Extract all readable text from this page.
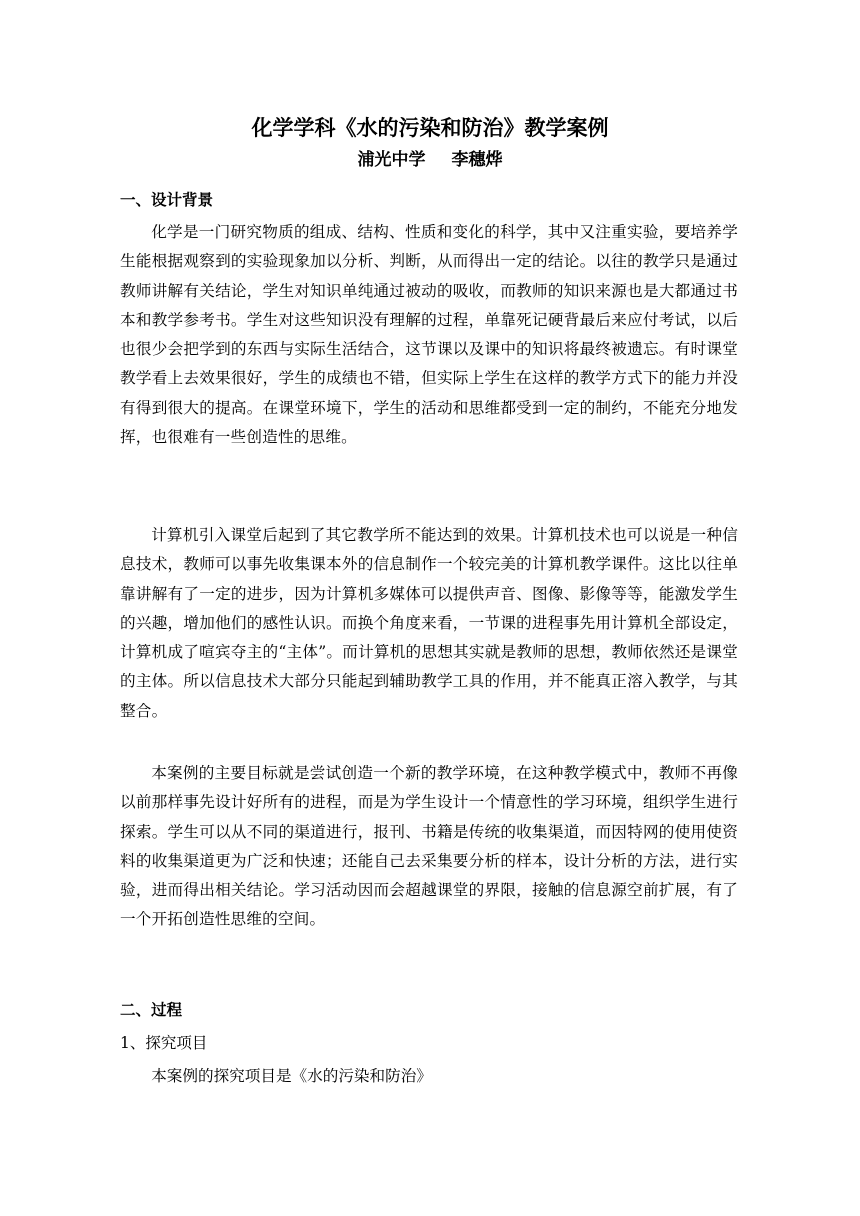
化学学科《水的污染和防治》教学案例
浦光中学 李穗烨
一、设计背景
化学是一门研究物质的组成、结构、性质和变化的科学，其中又注重实验，要培养学生能根据观察到的实验现象加以分析、判断，从而得出一定的结论。以往的教学只是通过教师讲解有关结论，学生对知识单纯通过被动的吸收，而教师的知识来源也是大都通过书本和教学参考书。学生对这些知识没有理解的过程，单靠死记硬背最后来应付考试，以后也很少会把学到的东西与实际生活结合，这节课以及课中的知识将最终被遗忘。有时课堂教学看上去效果很好，学生的成绩也不错，但实际上学生在这样的教学方式下的能力并没有得到很大的提高。在课堂环境下，学生的活动和思维都受到一定的制约，不能充分地发挥，也很难有一些创造性的思维。
计算机引入课堂后起到了其它教学所不能达到的效果。计算机技术也可以说是一种信息技术，教师可以事先收集课本外的信息制作一个较完美的计算机教学课件。这比以往单靠讲解有了一定的进步，因为计算机多媒体可以提供声音、图像、影像等等，能激发学生的兴趣，增加他们的感性认识。而换个角度来看，一节课的进程事先用计算机全部设定，计算机成了喧宾夺主的“主体”。而计算机的思想其实就是教师的思想，教师依然还是课堂的主体。所以信息技术大部分只能起到辅助教学工具的作用，并不能真正溶入教学，与其整合。
本案例的主要目标就是尝试创造一个新的教学环境，在这种教学模式中，教师不再像以前那样事先设计好所有的进程，而是为学生设计一个情意性的学习环境，组织学生进行探索。学生可以从不同的渠道进行，报刊、书籍是传统的收集渠道，而因特网的使用使资料的收集渠道更为广泛和快速；还能自己去采集要分析的样本，设计分析的方法，进行实验，进而得出相关结论。学习活动因而会超越课堂的界限，接触的信息源空前扩展，有了一个开拓创造性思维的空间。
二、过程
1、探究项目
本案例的探究项目是《水的污染和防治》
